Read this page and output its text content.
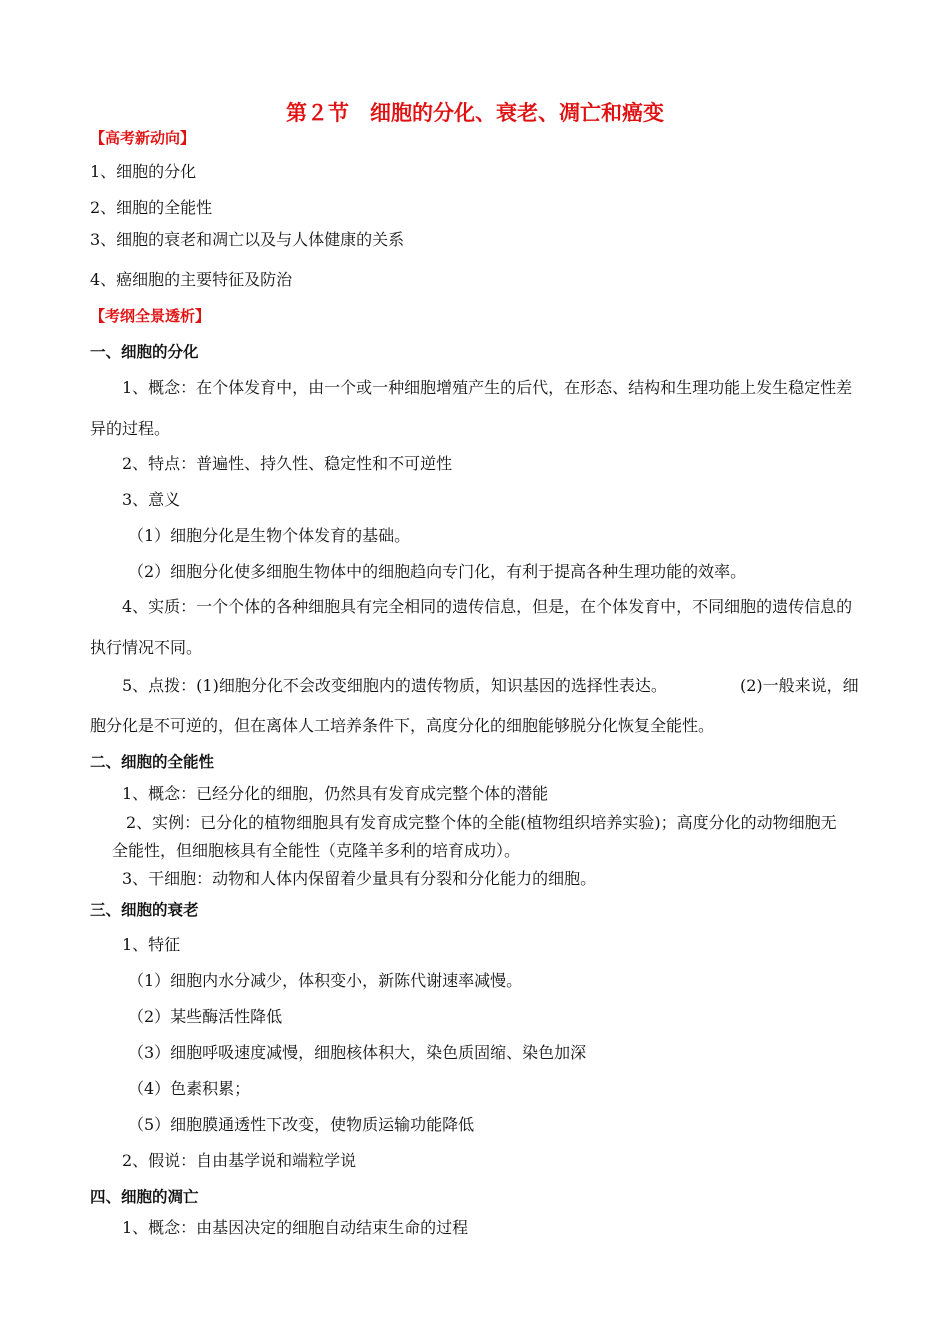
第２节　细胞的分化、衰老、凋亡和癌变
【高考新动向】
1、细胞的分化
2、细胞的全能性
3、细胞的衰老和凋亡以及与人体健康的关系
4、癌细胞的主要特征及防治
【考纲全景透析】
一、细胞的分化
1、概念：在个体发育中，由一个或一种细胞增殖产生的后代，在形态、结构和生理功能上发生稳定性差
异的过程。
2、特点：普遍性、持久性、稳定性和不可逆性
3、意义
（1）细胞分化是生物个体发育的基础。
（2）细胞分化使多细胞生物体中的细胞趋向专门化，有利于提高各种生理功能的效率。
4、实质：一个个体的各种细胞具有完全相同的遗传信息，但是，在个体发育中，不同细胞的遗传信息的
执行情况不同。
5、点拨：(1)细胞分化不会改变细胞内的遗传物质，知识基因的选择性表达。	(2)一般来说，细
胞分化是不可逆的，但在离体人工培养条件下，高度分化的细胞能够脱分化恢复全能性。
二、细胞的全能性
1、概念：已经分化的细胞，仍然具有发育成完整个体的潜能
2、实例：已分化的植物细胞具有发育成完整个体的全能(植物组织培养实验)；高度分化的动物细胞无
全能性，但细胞核具有全能性（克隆羊多利的培育成功）。
3、干细胞：动物和人体内保留着少量具有分裂和分化能力的细胞。
三、细胞的衰老
1、特征
（1）细胞内水分减少，体积变小，新陈代谢速率减慢。
（2）某些酶活性降低
（3）细胞呼吸速度减慢，细胞核体积大，染色质固缩、染色加深
（4）色素积累；
（5）细胞膜通透性下改变，使物质运输功能降低
2、假说：自由基学说和端粒学说
四、细胞的凋亡
1、概念：由基因决定的细胞自动结束生命的过程
